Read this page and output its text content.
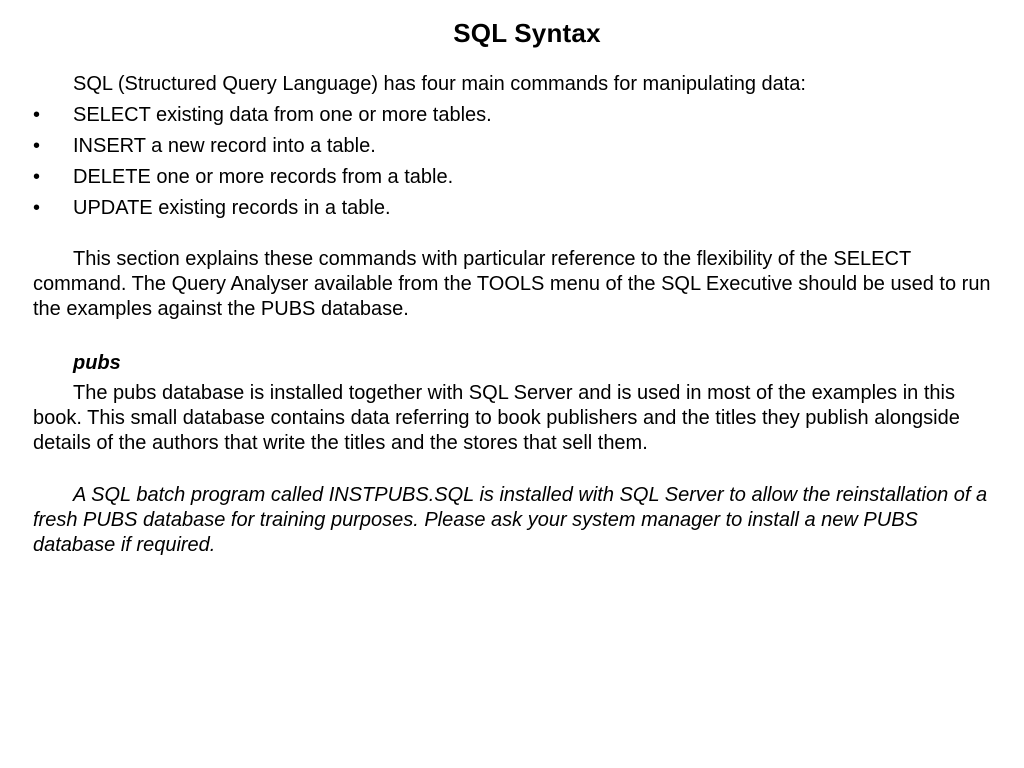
SQL Syntax

SQL (Structured Query Language) has four main commands for manipulating data:

• SELECT existing data from one or more tables.
• INSERT a new record into a table.
• DELETE one or more records from a table.
• UPDATE existing records in a table.

This section explains these commands with particular reference to the flexibility of the SELECT command. The Query Analyser available from the TOOLS menu of the SQL Executive should be used to run the examples against the PUBS database.

pubs

The pubs database is installed together with SQL Server and is used in most of the examples in this book. This small database contains data referring to book publishers and the titles they publish alongside details of the authors that write the titles and the stores that sell them.

A SQL batch program called INSTPUBS.SQL is installed with SQL Server to allow the reinstallation of a fresh PUBS database for training purposes. Please ask your system manager to install a new PUBS database if required.
